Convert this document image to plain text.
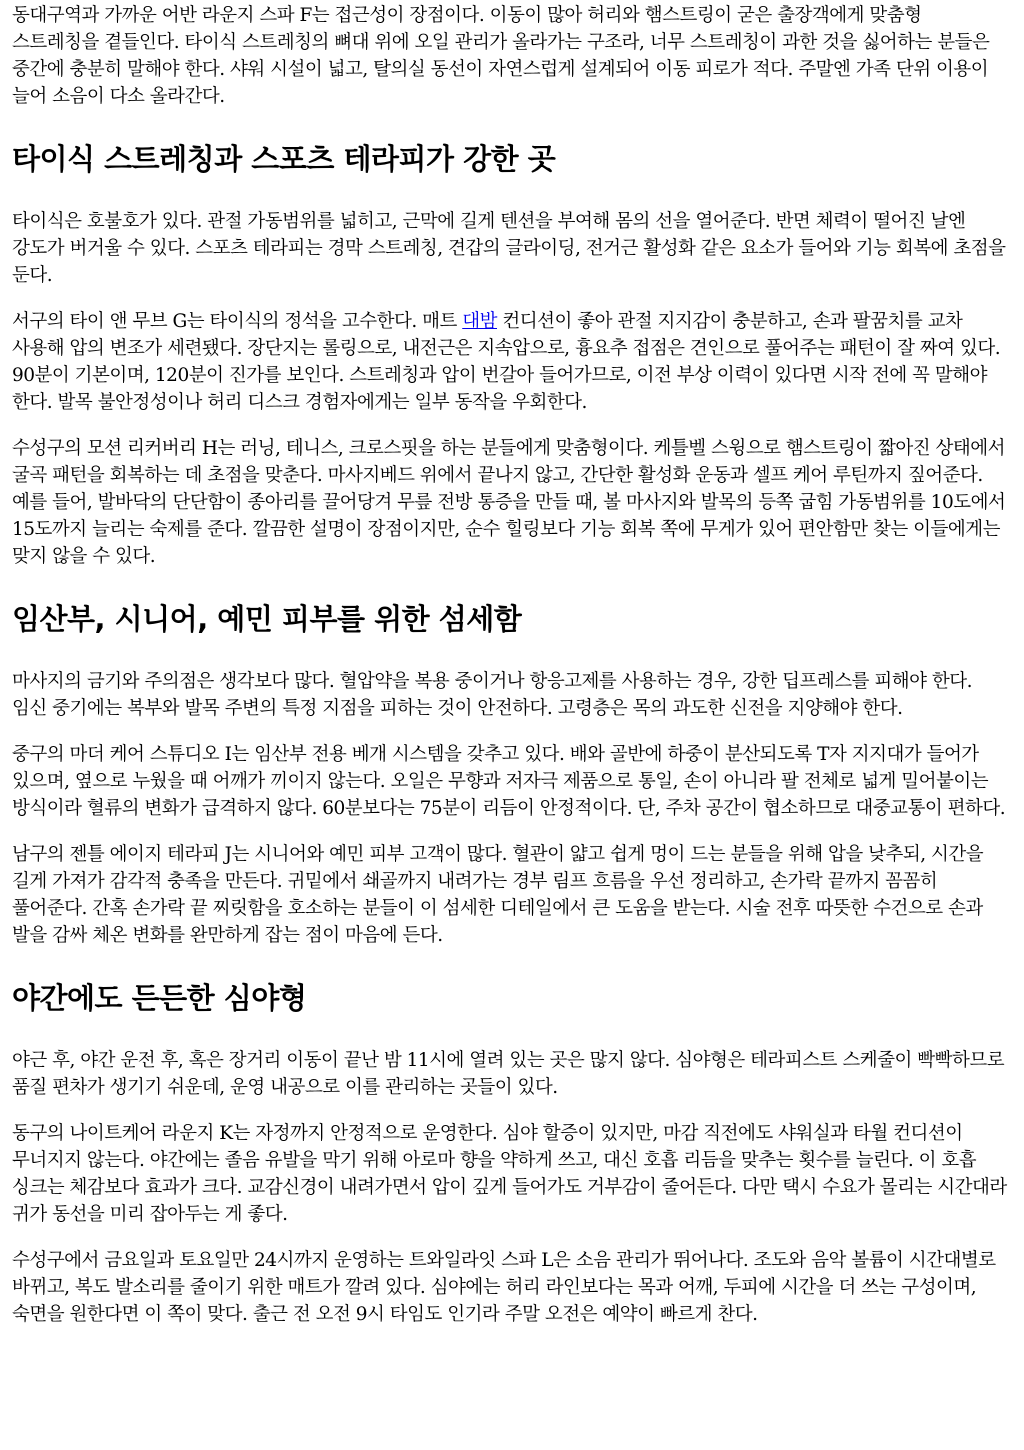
동대구역과 가까운 어반 라운지 스파 F는 접근성이 장점이다. 이동이 많아 허리와 햄스트링이 굳은 출장객에게 맞춤형 스트레칭을 곁들인다. 타이식 스트레칭의 뼈대 위에 오일 관리가 올라가는 구조라, 너무 스트레칭이 과한 것을 싫어하는 분들은 중간에 충분히 말해야 한다. 샤워 시설이 넓고, 탈의실 동선이 자연스럽게 설계되어 이동 피로가 적다. 주말엔 가족 단위 이용이 늘어 소음이 다소 올라간다.

타이식 스트레칭과 스포츠 테라피가 강한 곳

타이식은 호불호가 있다. 관절 가동범위를 넓히고, 근막에 길게 텐션을 부여해 몸의 선을 열어준다. 반면 체력이 떨어진 날엔 강도가 버거울 수 있다. 스포츠 테라피는 경막 스트레칭, 견갑의 글라이딩, 전거근 활성화 같은 요소가 들어와 기능 회복에 초점을 둔다.

서구의 타이 앤 무브 G는 타이식의 정석을 고수한다. 매트 대밤 컨디션이 좋아 관절 지지감이 충분하고, 손과 팔꿈치를 교차 사용해 압의 변조가 세련됐다. 장단지는 롤링으로, 내전근은 지속압으로, 흉요추 접점은 견인으로 풀어주는 패턴이 잘 짜여 있다. 90분이 기본이며, 120분이 진가를 보인다. 스트레칭과 압이 번갈아 들어가므로, 이전 부상 이력이 있다면 시작 전에 꼭 말해야 한다. 발목 불안정성이나 허리 디스크 경험자에게는 일부 동작을 우회한다.

수성구의 모션 리커버리 H는 러닝, 테니스, 크로스핏을 하는 분들에게 맞춤형이다. 케틀벨 스윙으로 햄스트링이 짧아진 상태에서 굴곡 패턴을 회복하는 데 초점을 맞춘다. 마사지베드 위에서 끝나지 않고, 간단한 활성화 운동과 셀프 케어 루틴까지 짚어준다. 예를 들어, 발바닥의 단단함이 종아리를 끌어당겨 무릎 전방 통증을 만들 때, 볼 마사지와 발목의 등쪽 굽힘 가동범위를 10도에서 15도까지 늘리는 숙제를 준다. 깔끔한 설명이 장점이지만, 순수 힐링보다 기능 회복 쪽에 무게가 있어 편안함만 찾는 이들에게는 맞지 않을 수 있다.

임산부, 시니어, 예민 피부를 위한 섬세함

마사지의 금기와 주의점은 생각보다 많다. 혈압약을 복용 중이거나 항응고제를 사용하는 경우, 강한 딥프레스를 피해야 한다. 임신 중기에는 복부와 발목 주변의 특정 지점을 피하는 것이 안전하다. 고령층은 목의 과도한 신전을 지양해야 한다.

중구의 마더 케어 스튜디오 I는 임산부 전용 베개 시스템을 갖추고 있다. 배와 골반에 하중이 분산되도록 T자 지지대가 들어가 있으며, 옆으로 누웠을 때 어깨가 끼이지 않는다. 오일은 무향과 저자극 제품으로 통일, 손이 아니라 팔 전체로 넓게 밀어붙이는 방식이라 혈류의 변화가 급격하지 않다. 60분보다는 75분이 리듬이 안정적이다. 단, 주차 공간이 협소하므로 대중교통이 편하다.

남구의 젠틀 에이지 테라피 J는 시니어와 예민 피부 고객이 많다. 혈관이 얇고 쉽게 멍이 드는 분들을 위해 압을 낮추되, 시간을 길게 가져가 감각적 충족을 만든다. 귀밑에서 쇄골까지 내려가는 경부 림프 흐름을 우선 정리하고, 손가락 끝까지 꼼꼼히 풀어준다. 간혹 손가락 끝 찌릿함을 호소하는 분들이 이 섬세한 디테일에서 큰 도움을 받는다. 시술 전후 따뜻한 수건으로 손과 발을 감싸 체온 변화를 완만하게 잡는 점이 마음에 든다.

야간에도 든든한 심야형

야근 후, 야간 운전 후, 혹은 장거리 이동이 끝난 밤 11시에 열려 있는 곳은 많지 않다. 심야형은 테라피스트 스케줄이 빡빡하므로 품질 편차가 생기기 쉬운데, 운영 내공으로 이를 관리하는 곳들이 있다.

동구의 나이트케어 라운지 K는 자정까지 안정적으로 운영한다. 심야 할증이 있지만, 마감 직전에도 샤워실과 타월 컨디션이 무너지지 않는다. 야간에는 졸음 유발을 막기 위해 아로마 향을 약하게 쓰고, 대신 호흡 리듬을 맞추는 횟수를 늘린다. 이 호흡 싱크는 체감보다 효과가 크다. 교감신경이 내려가면서 압이 깊게 들어가도 거부감이 줄어든다. 다만 택시 수요가 몰리는 시간대라 귀가 동선을 미리 잡아두는 게 좋다.

수성구에서 금요일과 토요일만 24시까지 운영하는 트와일라잇 스파 L은 소음 관리가 뛰어나다. 조도와 음악 볼륨이 시간대별로 바뀌고, 복도 발소리를 줄이기 위한 매트가 깔려 있다. 심야에는 허리 라인보다는 목과 어깨, 두피에 시간을 더 쓰는 구성이며, 숙면을 원한다면 이 쪽이 맞다. 출근 전 오전 9시 타임도 인기라 주말 오전은 예약이 빠르게 찬다.
